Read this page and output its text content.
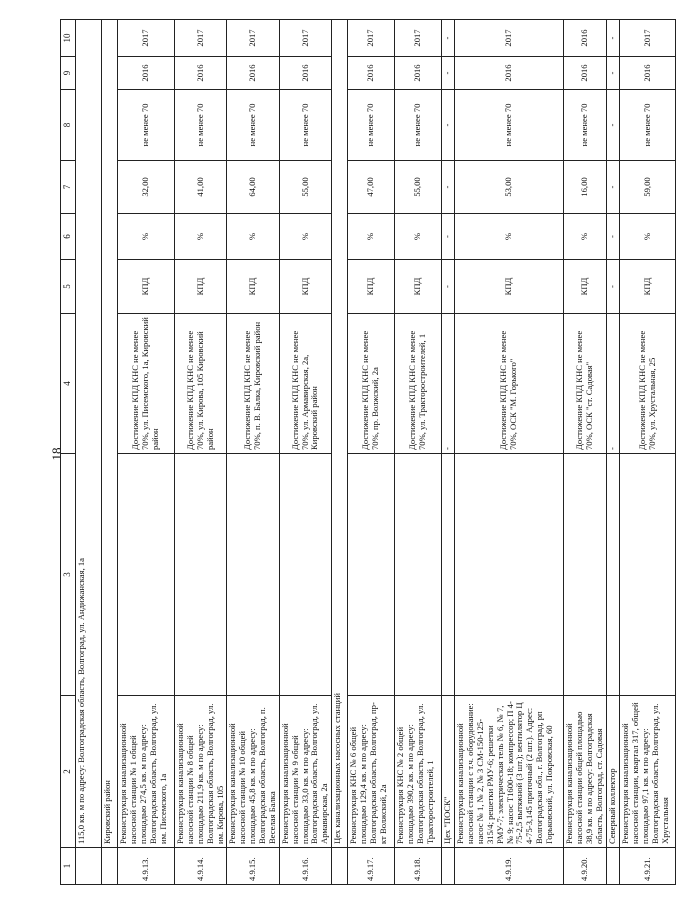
18
1	2	3	4	5	6	7	8	9	10
	115,0 кв. м по адресу: Волгоградская область, Волгоград, ул. Андижанская, 1а								
	Кировский район								
4.9.13.	Реконструкция канализационной насосной станции № 1 общей площадью 274,5 кв. м по адресу: Волгоградская область, Волгоград, ул. им. Писемского, 1а		Достижение КПД КНС не менее 70%, ул. Писемского, 1а, Кировский район	КПД	%	32,00	не менее 70	2016	2017
4.9.14.	Реконструкция канализационной насосной станции № 8 общей площадью 211,9 кв. м по адресу: Волгоградская область, Волгоград, ул. им. Кирова, 105		Достижение КПД КНС не менее 70%, ул. Кирова, 105 Кировский район	КПД	%	41,00	не менее 70	2016	2017
4.9.15.	Реконструкция канализационной насосной станции № 10 общей площадью 45,8 кв. м по адресу: Волгоградская область, Волгоград, п. Веселая Балка		Достижение КПД КНС не менее 70%, п. В. Балка, Кировский район	КПД	%	64,00	не менее 70	2016	2017
4.9.16.	Реконструкция канализационной насосной станции № 9 общей площадью 33,0 кв. м по адресу: Волгоградская область, Волгоград, ул. Армавирская, 2а		Достижение КПД КНС не менее 70%, ул. Армавирская, 2а, Кировский район	КПД	%	55,00	не менее 70	2016	2017
	Цех канализационных насосных станций								
4.9.17.	Реконструкция КНС № 6 общей площадью 129,4 кв. м по адресу: Волгоградская область, Волгоград, пр-кт Волжский, 2а		Достижение КПД КНС не менее 70%, пр. Волжский, 2а	КПД	%	47,00	не менее 70	2016	2017
4.9.18.	Реконструкция КНС № 2 общей площадью 390,2 кв. м по адресу: Волгоградская область, Волгоград, ул. Тракторостроителей, 1		Достижение КПД КНС не менее 70%, ул. Тракторостроителей, 1	КПД	%	55,00	не менее 70	2016	2017
	Цех "ПОСК"		-	-	-	-	-	-	-
4.9.19.	Реконструкция канализационной насосной станции с т.ч. оборудование: насос № 1, № 2, № 3 СМ-150-125-315/4; решетки РМУ-6; решетки РМУ-7; электрическая тель № 6, № 7, № 9; насос Т1600-18; компрессор; П 4-75-2,5 вытяжной (3 шт.); вентилятор Ц 4-75-3,145 приточный (2 шт.). Адрес: Волгоградская обл., г. Волгоград, рп Горьковский, ул. Покровская, 60		Достижение КПД КНС не менее 70%, ОСК "М. Горького"	КПД	%	53,00	не менее 70	2016	2017
4.9.20.	Реконструкция канализационной насосной станции общей площадью 38,9 кв. м по адресу: Волгоградская область, Волгоград, ст. Садовая		Достижение КПД КНС не менее 70%, ОСК "ст. Садовая"	КПД	%	16,00	не менее 70	2016	2016
	Северный коллектор		-	-	-	-	-	-	-
4.9.21.	Реконструкция канализационной насосной станции, квартал 317, общей площадью 97,1 кв. м по адресу: Волгоградская область, Волгоград, ул. Хрустальная		Достижение КПД КНС не менее 70%, ул. Хрустальная, 25	КПД	%	59,00	не менее 70	2016	2017
